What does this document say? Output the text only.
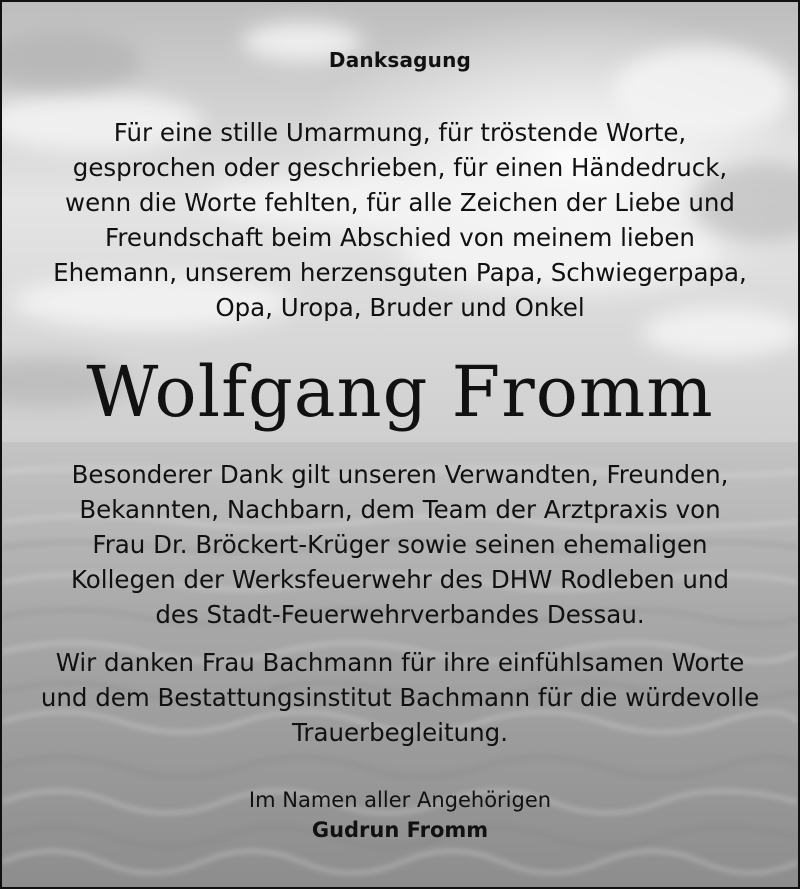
Danksagung
Für eine stille Umarmung, für tröstende Worte,
gesprochen oder geschrieben, für einen Händedruck,
wenn die Worte fehlten, für alle Zeichen der Liebe und
Freundschaft beim Abschied von meinem lieben
Ehemann, unserem herzensguten Papa, Schwiegerpapa,
Opa, Uropa, Bruder und Onkel
Wolfgang Fromm
Besonderer Dank gilt unseren Verwandten, Freunden,
Bekannten, Nachbarn, dem Team der Arztpraxis von
Frau Dr. Bröckert-Krüger sowie seinen ehemaligen
Kollegen der Werksfeuerwehr des DHW Rodleben und
des Stadt-Feuerwehrverbandes Dessau.
Wir danken Frau Bachmann für ihre einfühlsamen Worte
und dem Bestattungsinstitut Bachmann für die würdevolle
Trauerbegleitung.
Im Namen aller Angehörigen
Gudrun Fromm
